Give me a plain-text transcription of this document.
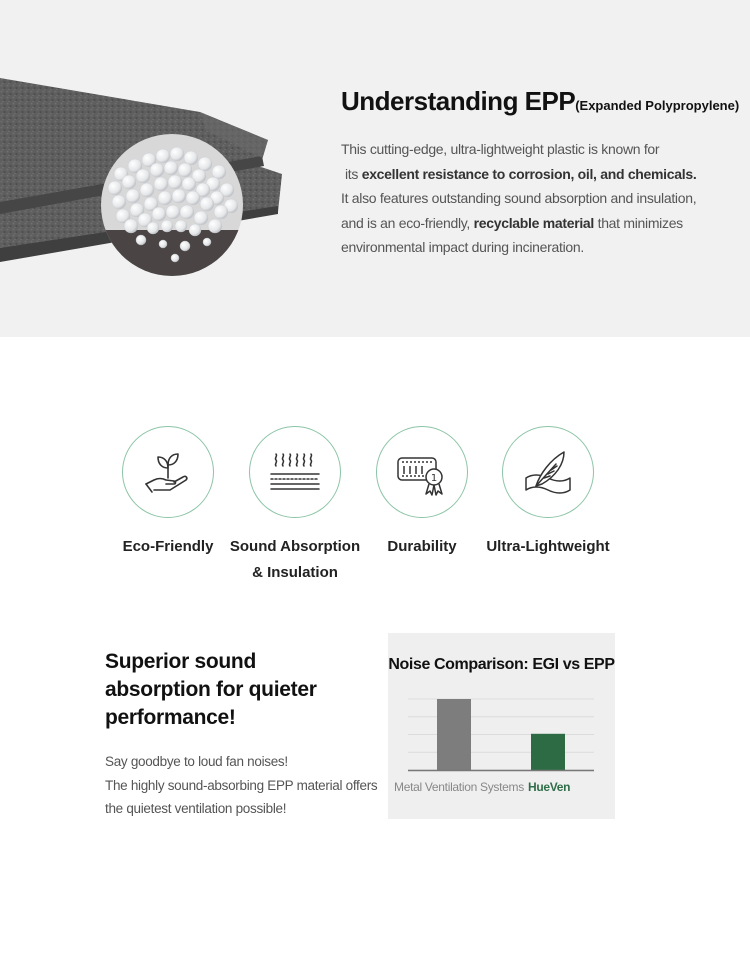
Understanding EPP(Expanded Polypropylene)

This cutting-edge, ultra-lightweight plastic is known for

its excellent resistance to corrosion, oil, and chemicals.

It also features outstanding sound absorption and insulation,

and is an eco-friendly, recyclable material that minimizes

environmental impact during incineration.

Eco-Friendly	Sound Absorption
& Insulation
1
Durability	Ultra-Lightweight
Superior sound
absorption for quieter
performance!

Say goodbye to loud fan noises!

The highly sound-absorbing EPP material offers

the quietest ventilation possible!

Noise Comparison: EGI vs EPP
Metal Ventilation Systems HueVen
